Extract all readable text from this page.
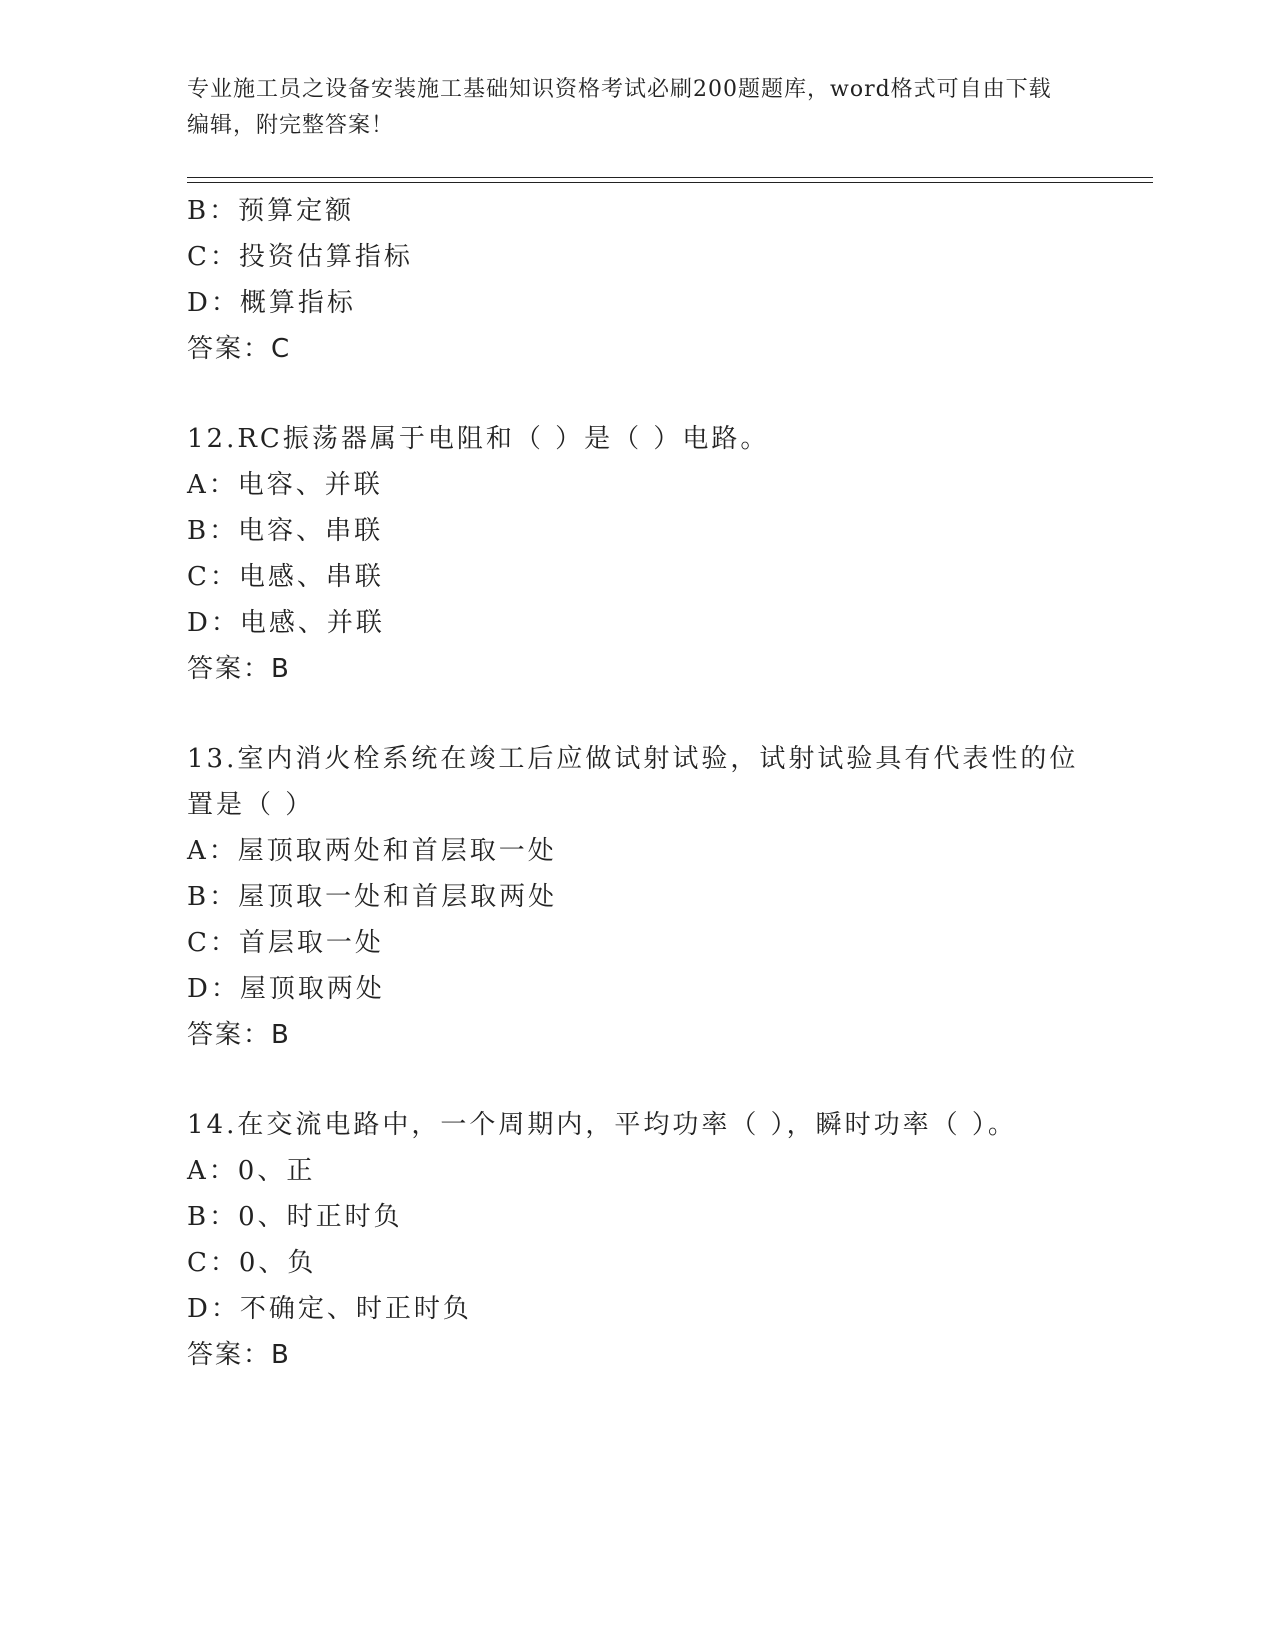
专业施工员之设备安装施工基础知识资格考试必刷200题题库，word格式可自由下载编辑，附完整答案！
B：预算定额
C：投资估算指标
D：概算指标
答案：C
12.RC振荡器属于电阻和（ ）是（ ）电路。
A：电容、并联
B：电容、串联
C：电感、串联
D：电感、并联
答案：B
13.室内消火栓系统在竣工后应做试射试验，试射试验具有代表性的位置是（ ）
A：屋顶取两处和首层取一处
B：屋顶取一处和首层取两处
C：首层取一处
D：屋顶取两处
答案：B
14.在交流电路中，一个周期内，平均功率（ ），瞬时功率（ ）。
A：0、正
B：0、时正时负
C：0、负
D：不确定、时正时负
答案：B
